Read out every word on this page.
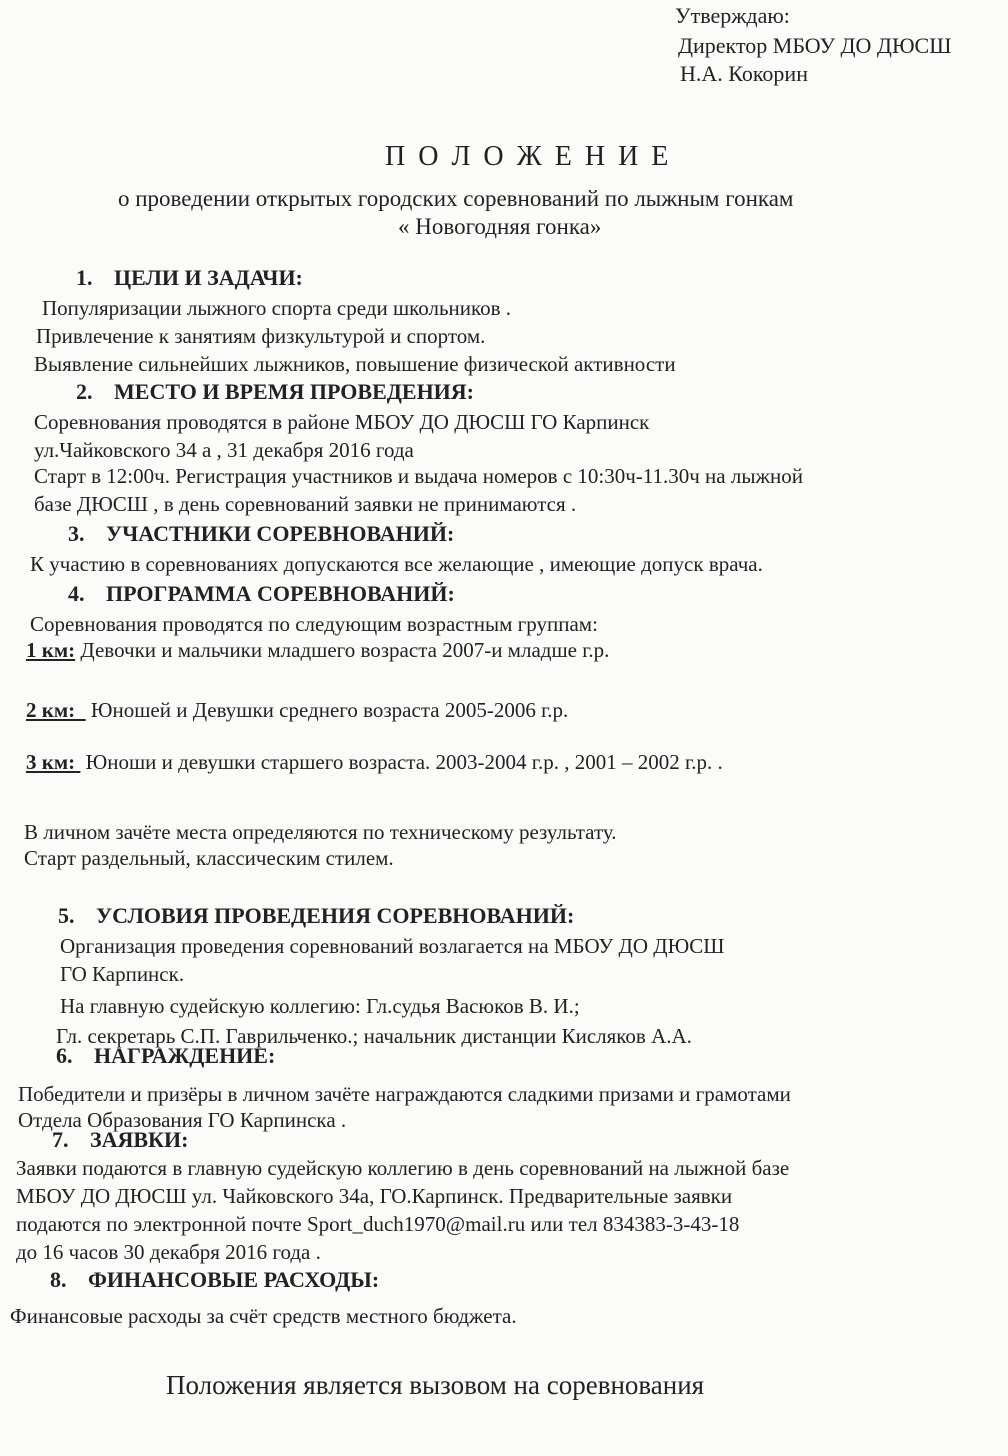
Утверждаю:
Директор МБОУ ДО ДЮСШ
Н.А. Кокорин
П О Л О Ж Е Н И Е
о проведении открытых городских соревнований по лыжным гонкам
« Новогодняя гонка»
1. ЦЕЛИ И ЗАДАЧИ:
Популяризации лыжного спорта среди школьников .
Привлечение к занятиям физкультурой и спортом.
Выявление сильнейших лыжников, повышение физической активности
2. МЕСТО И ВРЕМЯ ПРОВЕДЕНИЯ:
Соревнования проводятся в районе МБОУ ДО ДЮСШ ГО Карпинск
ул.Чайковского 34 а , 31 декабря 2016 года
Старт в 12:00ч. Регистрация участников и выдача номеров с 10:30ч-11.30ч на лыжной
базе ДЮСШ , в день соревнований заявки не принимаются .
3. УЧАСТНИКИ СОРЕВНОВАНИЙ:
К участию в соревнованиях допускаются все желающие , имеющие допуск врача.
4. ПРОГРАММА СОРЕВНОВАНИЙ:
Соревнования проводятся по следующим возрастным группам:
1 км: Девочки и мальчики младшего возраста 2007-и младше г.р.
2 км:   Юношей и Девушки среднего возраста 2005-2006 г.р.
3 км:  Юноши и девушки старшего возраста. 2003-2004 г.р. , 2001 – 2002 г.р. .
В личном зачёте места определяются по техническому результату.
Старт раздельный, классическим стилем.
5. УСЛОВИЯ ПРОВЕДЕНИЯ СОРЕВНОВАНИЙ:
Организация проведения соревнований возлагается на МБОУ ДО ДЮСШ
ГО Карпинск.
На главную судейскую коллегию: Гл.судья Васюков В. И.;
Гл. секретарь С.П. Гаврильченко.; начальник дистанции Кисляков А.А.
6. НАГРАЖДЕНИЕ:
Победители и призёры в личном зачёте награждаются сладкими призами и грамотами
Отдела Образования ГО Карпинска .
7. ЗАЯВКИ:
Заявки подаются в главную судейскую коллегию в день соревнований на лыжной базе
МБОУ ДО ДЮСШ ул. Чайковского 34а, ГО.Карпинск. Предварительные заявки
подаются по электронной почте Sport_duch1970@mail.ru или тел 834383-3-43-18
до 16 часов 30 декабря 2016 года .
8. ФИНАНСОВЫЕ РАСХОДЫ:
Финансовые расходы за счёт средств местного бюджета.
Положения является вызовом на соревнования
